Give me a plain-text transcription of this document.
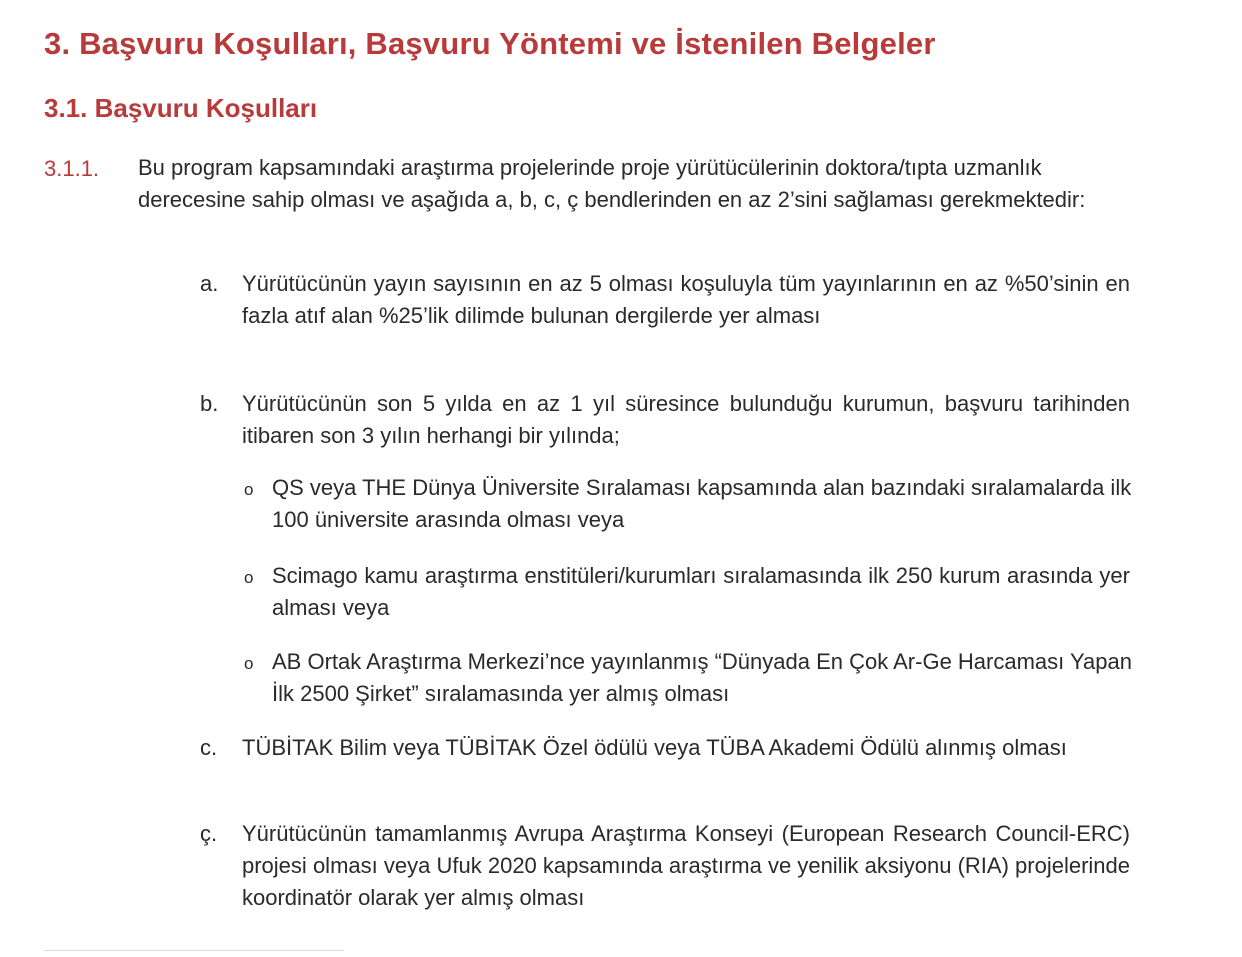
3. Başvuru Koşulları, Başvuru Yöntemi ve İstenilen Belgeler
3.1. Başvuru Koşulları
3.1.1. Bu program kapsamındaki araştırma projelerinde proje yürütücülerinin doktora/tıpta uzmanlık derecesine sahip olması ve aşağıda a, b, c, ç bendlerinden en az 2’sini sağlaması gerekmektedir:
a. Yürütücünün yayın sayısının en az 5 olması koşuluyla tüm yayınlarının en az %50’sinin en fazla atıf alan %25’lik dilimde bulunan dergilerde yer alması
b. Yürütücünün son 5 yılda en az 1 yıl süresince bulunduğu kurumun, başvuru tarihinden itibaren son 3 yılın herhangi bir yılında;
o QS veya THE Dünya Üniversite Sıralaması kapsamında alan bazındaki sıralamalarda ilk 100 üniversite arasında olması veya
o Scimago kamu araştırma enstitüleri/kurumları sıralamasında ilk 250 kurum arasında yer alması veya
o AB Ortak Araştırma Merkezi’nce yayınlanmış “Dünyada En Çok Ar-Ge Harcaması Yapan İlk 2500 Şirket” sıralamasında yer almış olması
c. TÜBİTAK Bilim veya TÜBİTAK Özel ödülü veya TÜBA Akademi Ödülü alınmış olması
ç. Yürütücünün tamamlanmış Avrupa Araştırma Konseyi (European Research Council-ERC) projesi olması veya Ufuk 2020 kapsamında araştırma ve yenilik aksiyonu (RIA) projelerinde koordinatör olarak yer almış olması
